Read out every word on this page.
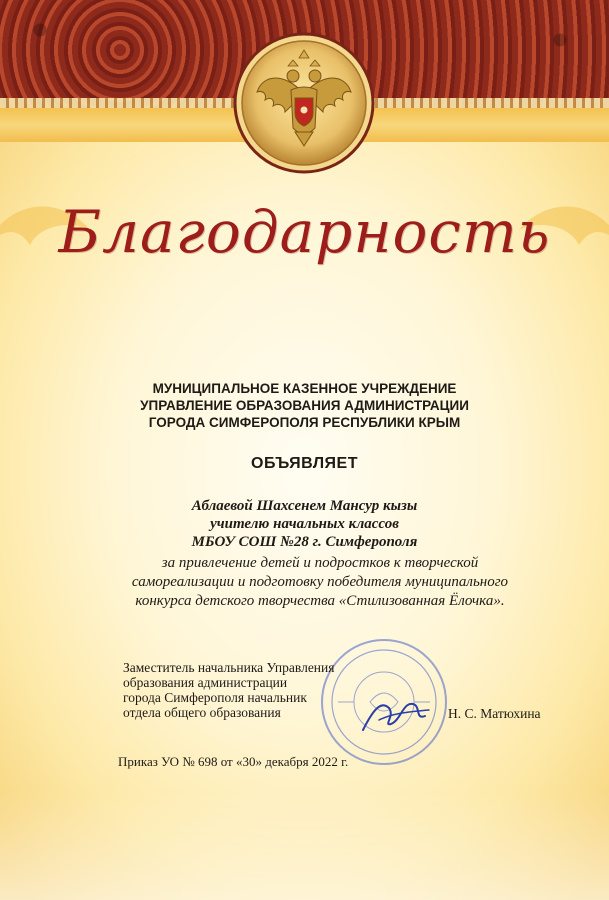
Благодарность
МУНИЦИПАЛЬНОЕ КАЗЕННОЕ УЧРЕЖДЕНИЕ
УПРАВЛЕНИЕ ОБРАЗОВАНИЯ АДМИНИСТРАЦИИ
ГОРОДА СИМФЕРОПОЛЯ РЕСПУБЛИКИ КРЫМ
ОБЪЯВЛЯЕТ
Аблаевой Шахсенем Мансур кызы
учителю начальных классов
МБОУ СОШ №28 г. Симферополя
за привлечение детей и подростков к творческой
самореализации и подготовку победителя муниципального
конкурса детского творчества «Стилизованная Ёлочка».
Заместитель начальника Управления
образования администрации
города Симферополя начальник
отдела общего образования	Н. С. Матюхина
Приказ УО № 698 от «30» декабря 2022 г.
